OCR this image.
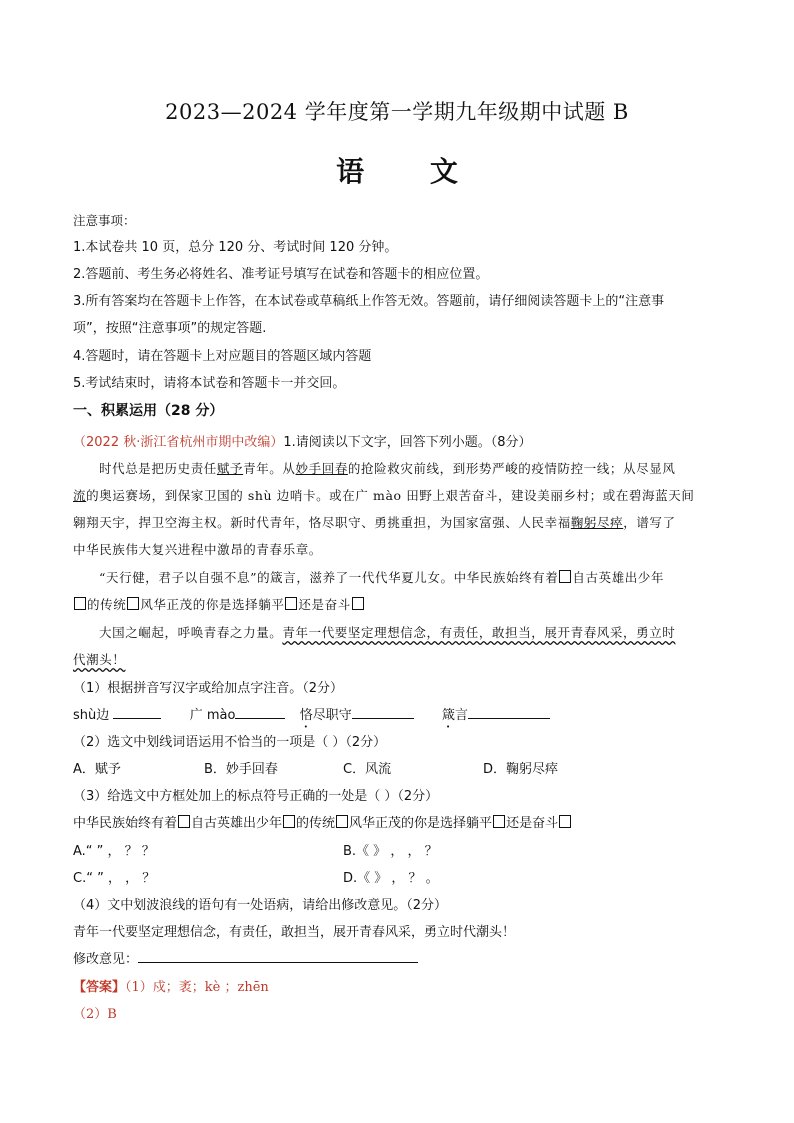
2023—2024 学年度第一学期九年级期中试题 B
语 文
注意事项：
1.本试卷共 10 页，总分 120 分、考试时间 120 分钟。
2.答题前、考生务必将姓名、准考证号填写在试卷和答题卡的相应位置。
3.所有答案均在答题卡上作答，在本试卷或草稿纸上作答无效。答题前，请仔细阅读答题卡上的“注意事
项”，按照“注意事项”的规定答题.
4.答题时，请在答题卡上对应题目的答题区域内答题
5.考试结束时，请将本试卷和答题卡一并交回。
一、积累运用（28 分）
（2022 秋·浙江省杭州市期中改编）1.请阅读以下文字，回答下列小题。（8分）
时代总是把历史责任赋予青年。从妙手回春的抢险救灾前线，到形势严峻的疫情防控一线；从尽显风
流的奥运赛场，到保家卫国的 shù 边哨卡。或在广 mào 田野上艰苦奋斗，建设美丽乡村；或在碧海蓝天间
翱翔天宇，捍卫空海主权。新时代青年，恪尽职守、勇挑重担，为国家富强、人民幸福鞠躬尽瘁，谱写了
中华民族伟大复兴进程中激昂的青春乐章。
“天行健，君子以自强不息”的箴言，滋养了一代代华夏儿女。中华民族始终有着 自古英雄出少年
的传统 风华正茂的你是选择躺平 还是奋斗
大国之崛起，呼唤青春之力量。青年一代要坚定理想信念，有责任，敢担当，展开青春风采，勇立时
代潮头！
（1）根据拼音写汉字或给加点字注音。（2分）
shù边	广 mào	恪尽职守	箴言
（2）选文中划线词语运用不恰当的一项是（ ）（2分）
A．赋予	B．妙手回春	C．风流	D．鞠躬尽瘁
（3）给选文中方框处加上的标点符号正确的一处是（ ）（2分）
中华民族始终有着 自古英雄出少年 的传统 风华正茂的你是选择躺平 还是奋斗
A.“ ” ， ？ ？	B.《 》 ， ， ？
C.“ ” ， ， ？	D.《 》 ， ？ 。
（4）文中划波浪线的语句有一处语病，请给出修改意见。（2分）
青年一代要坚定理想信念，有责任，敢担当，展开青春风采，勇立时代潮头！
修改意见：
【答案】（1）戍；袤；kè ；zhēn
（2）B
